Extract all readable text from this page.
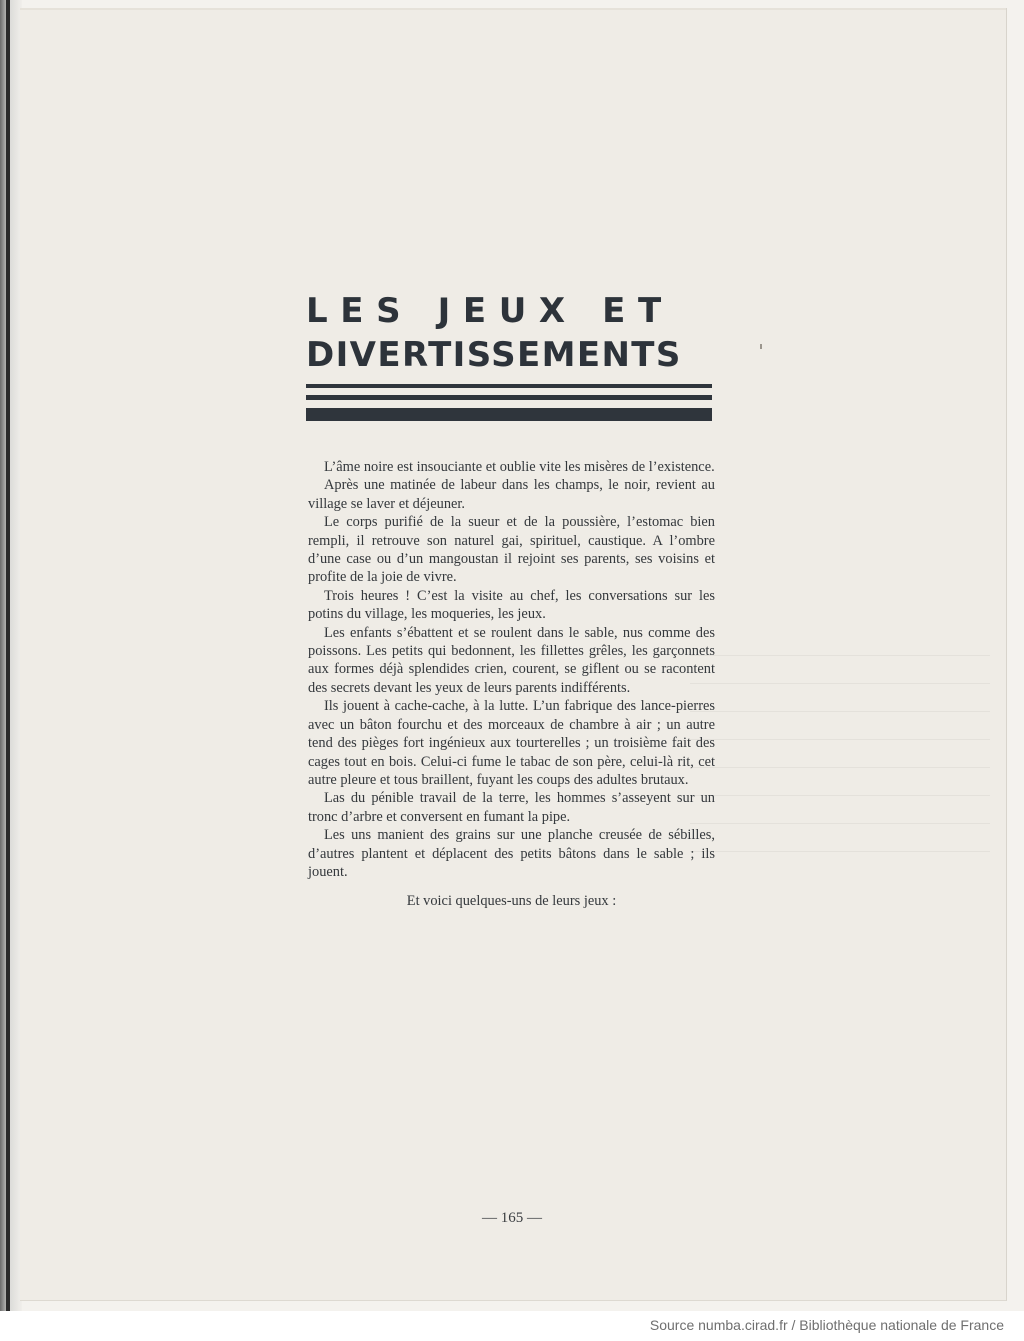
LES JEUX ET
DIVERTISSEMENTS

L’âme noire est insouciante et oublie vite les misères de l’existence.

Après une matinée de labeur dans les champs, le noir, revient au village se laver et déjeuner.

Le corps purifié de la sueur et de la poussière, l’estomac bien rempli, il retrouve son naturel gai, spirituel, caustique. A l’ombre d’une case ou d’un mangoustan il rejoint ses parents, ses voisins et profite de la joie de vivre.

Trois heures ! C’est la visite au chef, les conversations sur les potins du village, les moqueries, les jeux.

Les enfants s’ébattent et se roulent dans le sable, nus comme des poissons. Les petits qui bedonnent, les fillettes grêles, les garçonnets aux formes déjà splendides crien, courent, se giflent ou se racontent des secrets devant les yeux de leurs parents indifférents.

Ils jouent à cache-cache, à la lutte. L’un fabrique des lance-pierres avec un bâton fourchu et des morceaux de chambre à air ; un autre tend des pièges fort ingénieux aux tourterelles ; un troisième fait des cages tout en bois. Celui-ci fume le tabac de son père, celui-là rit, cet autre pleure et tous braillent, fuyant les coups des adultes brutaux.

Las du pénible travail de la terre, les hommes s’asseyent sur un tronc d’arbre et conversent en fumant la pipe.

Les uns manient des grains sur une planche creusée de sébilles, d’autres plantent et déplacent des petits bâtons dans le sable ; ils jouent.

Et voici quelques-uns de leurs jeux :

— 165 —
Source numba.cirad.fr / Bibliothèque nationale de France
